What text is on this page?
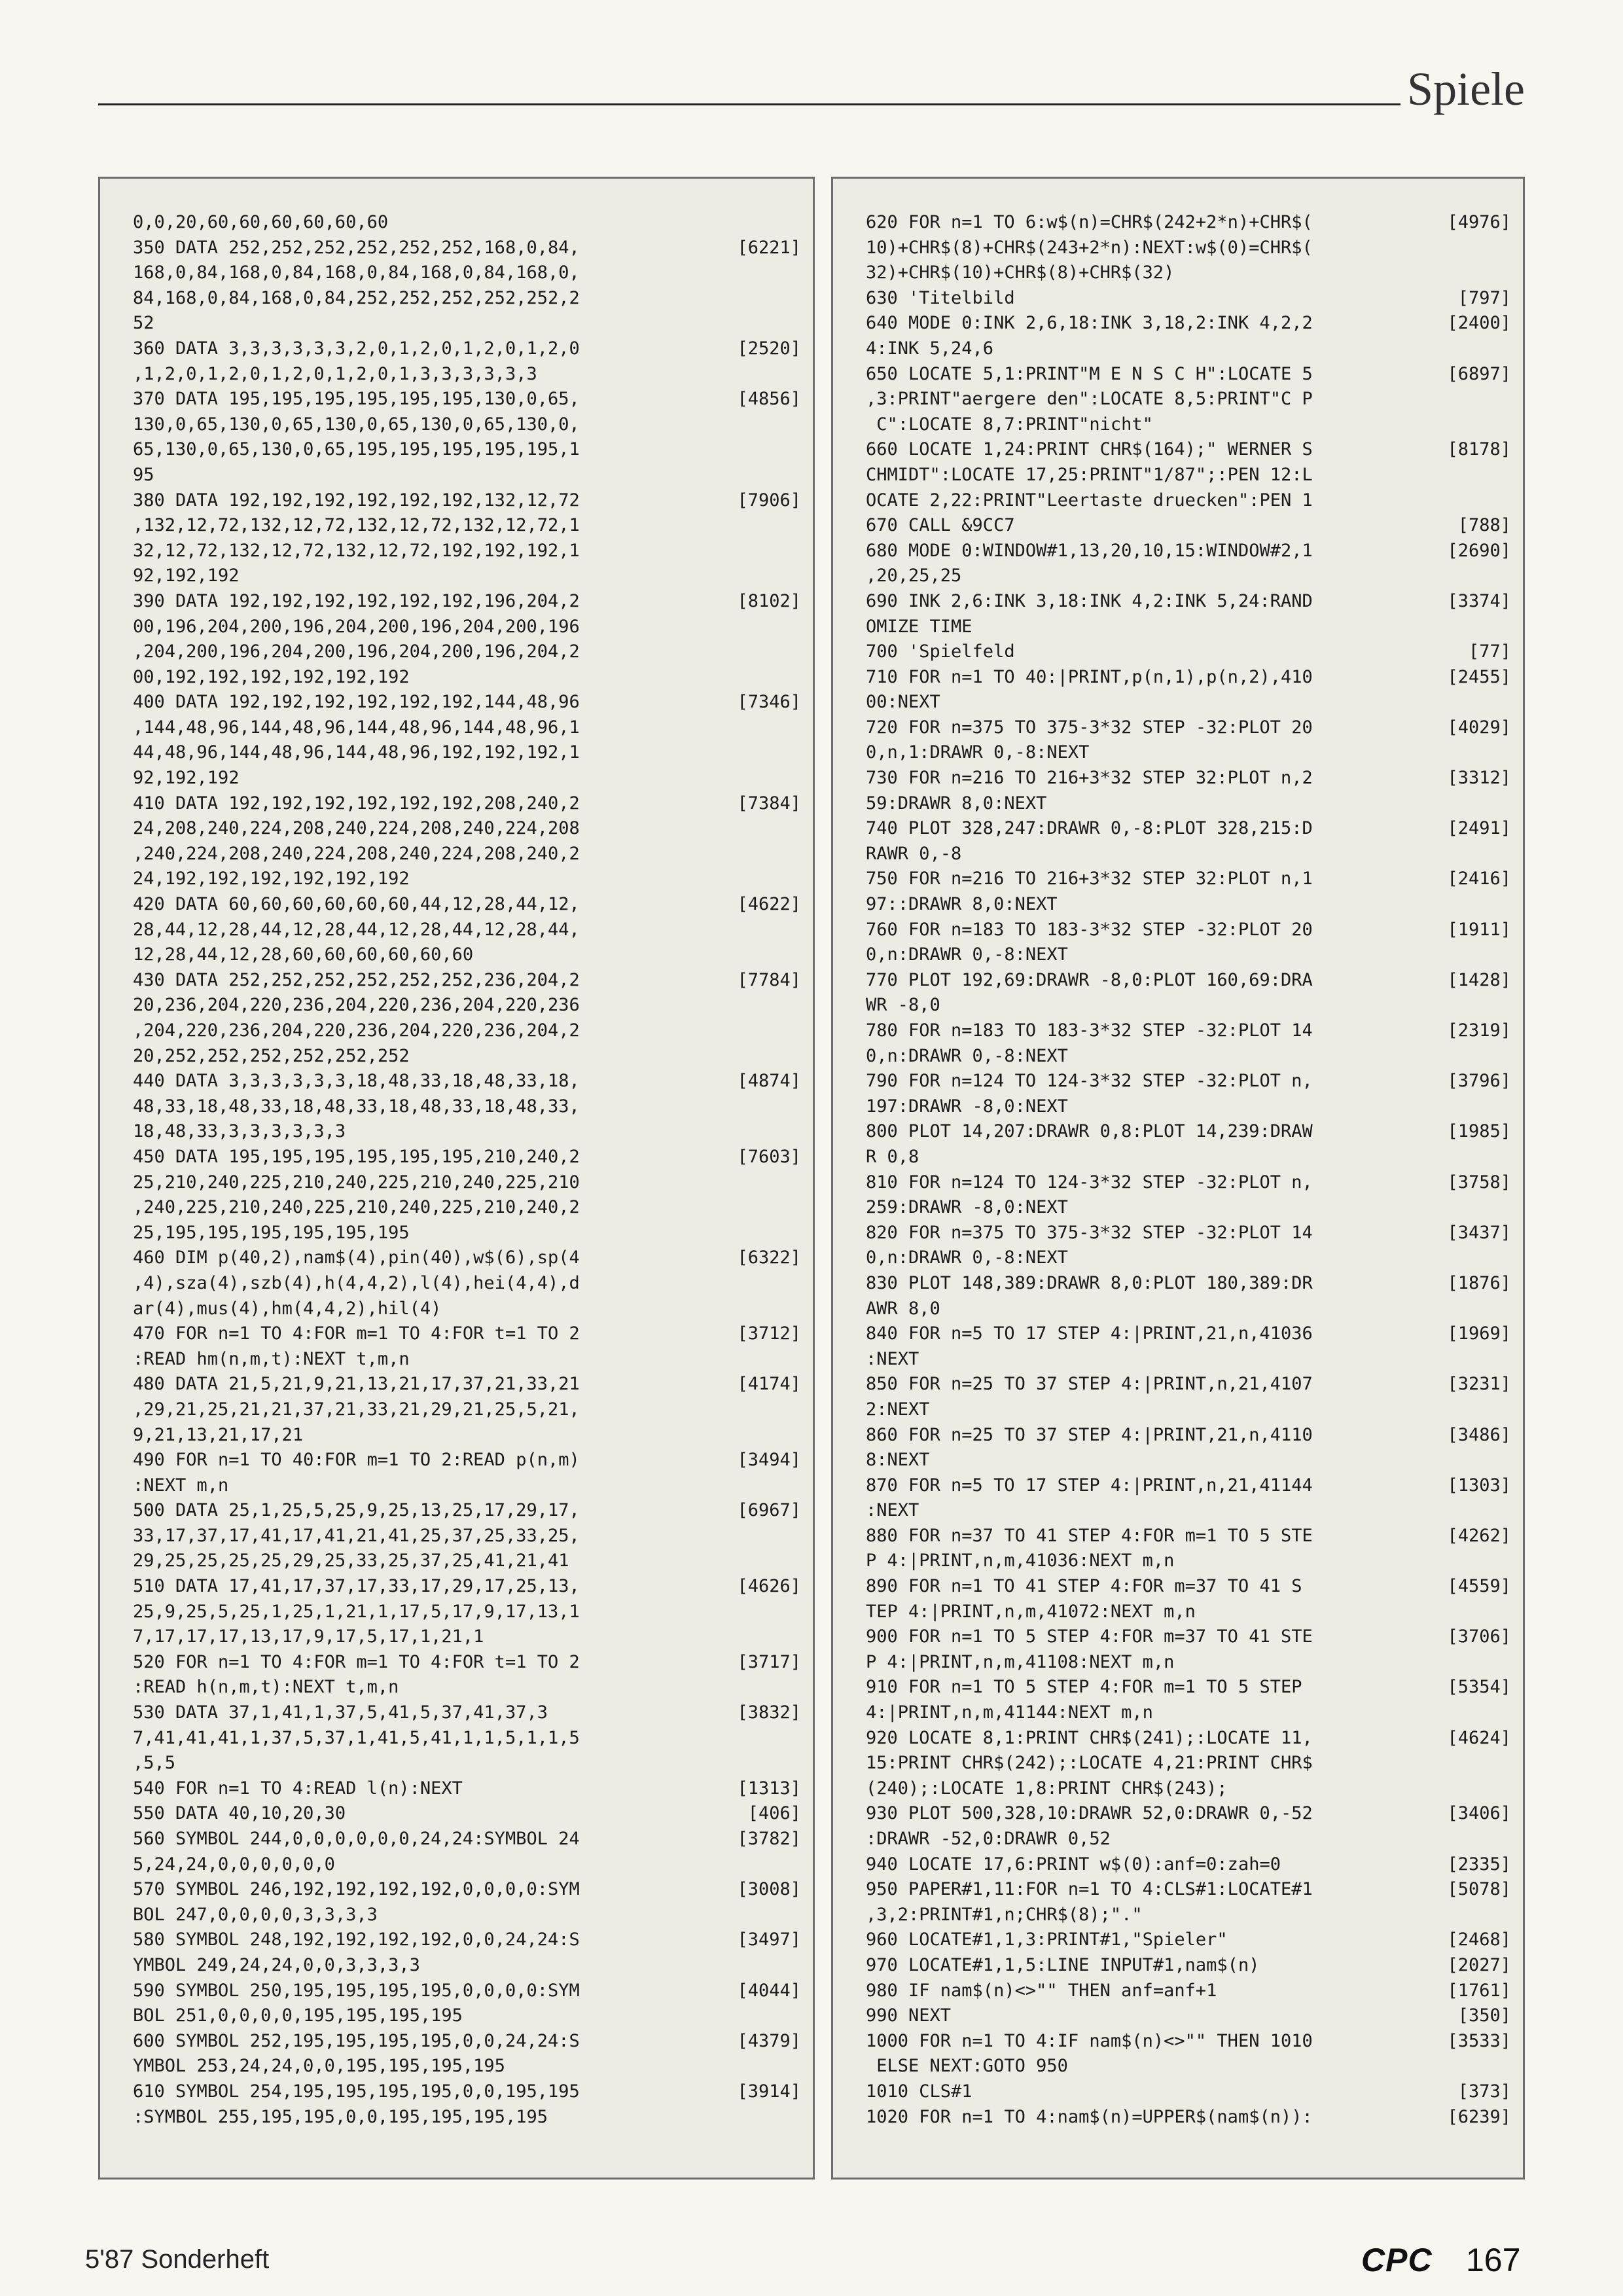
Spiele
0,0,20,60,60,60,60,60,60
350 DATA 252,252,252,252,252,252,168,0,84,	[6221]
168,0,84,168,0,84,168,0,84,168,0,84,168,0,
84,168,0,84,168,0,84,252,252,252,252,252,2
52
360 DATA 3,3,3,3,3,3,2,0,1,2,0,1,2,0,1,2,0	[2520]
,1,2,0,1,2,0,1,2,0,1,2,0,1,3,3,3,3,3,3
370 DATA 195,195,195,195,195,195,130,0,65,	[4856]
130,0,65,130,0,65,130,0,65,130,0,65,130,0,
65,130,0,65,130,0,65,195,195,195,195,195,1
95
380 DATA 192,192,192,192,192,192,132,12,72	[7906]
,132,12,72,132,12,72,132,12,72,132,12,72,1
32,12,72,132,12,72,132,12,72,192,192,192,1
92,192,192
390 DATA 192,192,192,192,192,192,196,204,2	[8102]
00,196,204,200,196,204,200,196,204,200,196
,204,200,196,204,200,196,204,200,196,204,2
00,192,192,192,192,192,192
400 DATA 192,192,192,192,192,192,144,48,96	[7346]
,144,48,96,144,48,96,144,48,96,144,48,96,1
44,48,96,144,48,96,144,48,96,192,192,192,1
92,192,192
410 DATA 192,192,192,192,192,192,208,240,2	[7384]
24,208,240,224,208,240,224,208,240,224,208
,240,224,208,240,224,208,240,224,208,240,2
24,192,192,192,192,192,192
420 DATA 60,60,60,60,60,60,44,12,28,44,12,	[4622]
28,44,12,28,44,12,28,44,12,28,44,12,28,44,
12,28,44,12,28,60,60,60,60,60,60
430 DATA 252,252,252,252,252,252,236,204,2	[7784]
20,236,204,220,236,204,220,236,204,220,236
,204,220,236,204,220,236,204,220,236,204,2
20,252,252,252,252,252,252
440 DATA 3,3,3,3,3,3,18,48,33,18,48,33,18,	[4874]
48,33,18,48,33,18,48,33,18,48,33,18,48,33,
18,48,33,3,3,3,3,3,3
450 DATA 195,195,195,195,195,195,210,240,2	[7603]
25,210,240,225,210,240,225,210,240,225,210
,240,225,210,240,225,210,240,225,210,240,2
25,195,195,195,195,195,195
460 DIM p(40,2),nam$(4),pin(40),w$(6),sp(4	[6322]
,4),sza(4),szb(4),h(4,4,2),l(4),hei(4,4),d
ar(4),mus(4),hm(4,4,2),hil(4)
470 FOR n=1 TO 4:FOR m=1 TO 4:FOR t=1 TO 2	[3712]
:READ hm(n,m,t):NEXT t,m,n
480 DATA 21,5,21,9,21,13,21,17,37,21,33,21	[4174]
,29,21,25,21,21,37,21,33,21,29,21,25,5,21,
9,21,13,21,17,21
490 FOR n=1 TO 40:FOR m=1 TO 2:READ p(n,m)	[3494]
:NEXT m,n
500 DATA 25,1,25,5,25,9,25,13,25,17,29,17,	[6967]
33,17,37,17,41,17,41,21,41,25,37,25,33,25,
29,25,25,25,25,29,25,33,25,37,25,41,21,41
510 DATA 17,41,17,37,17,33,17,29,17,25,13,	[4626]
25,9,25,5,25,1,25,1,21,1,17,5,17,9,17,13,1
7,17,17,17,13,17,9,17,5,17,1,21,1
520 FOR n=1 TO 4:FOR m=1 TO 4:FOR t=1 TO 2	[3717]
:READ h(n,m,t):NEXT t,m,n
530 DATA 37,1,41,1,37,5,41,5,37,41,37,3	[3832]
7,41,41,41,1,37,5,37,1,41,5,41,1,1,5,1,1,5
,5,5
540 FOR n=1 TO 4:READ l(n):NEXT	[1313]
550 DATA 40,10,20,30	[406]
560 SYMBOL 244,0,0,0,0,0,0,24,24:SYMBOL 24	[3782]
5,24,24,0,0,0,0,0,0
570 SYMBOL 246,192,192,192,192,0,0,0,0:SYM	[3008]
BOL 247,0,0,0,0,3,3,3,3
580 SYMBOL 248,192,192,192,192,0,0,24,24:S	[3497]
YMBOL 249,24,24,0,0,3,3,3,3
590 SYMBOL 250,195,195,195,195,0,0,0,0:SYM	[4044]
BOL 251,0,0,0,0,195,195,195,195
600 SYMBOL 252,195,195,195,195,0,0,24,24:S	[4379]
YMBOL 253,24,24,0,0,195,195,195,195
610 SYMBOL 254,195,195,195,195,0,0,195,195	[3914]
:SYMBOL 255,195,195,0,0,195,195,195,195
620 FOR n=1 TO 6:w$(n)=CHR$(242+2*n)+CHR$(	[4976]
10)+CHR$(8)+CHR$(243+2*n):NEXT:w$(0)=CHR$(
32)+CHR$(10)+CHR$(8)+CHR$(32)
630 'Titelbild	[797]
640 MODE 0:INK 2,6,18:INK 3,18,2:INK 4,2,2	[2400]
4:INK 5,24,6
650 LOCATE 5,1:PRINT"M E N S C H":LOCATE 5	[6897]
,3:PRINT"aergere den":LOCATE 8,5:PRINT"C P
C":LOCATE 8,7:PRINT"nicht"
660 LOCATE 1,24:PRINT CHR$(164);" WERNER S	[8178]
CHMIDT":LOCATE 17,25:PRINT"1/87";:PEN 12:L
OCATE 2,22:PRINT"Leertaste druecken":PEN 1
670 CALL &9CC7	[788]
680 MODE 0:WINDOW#1,13,20,10,15:WINDOW#2,1	[2690]
,20,25,25
690 INK 2,6:INK 3,18:INK 4,2:INK 5,24:RAND	[3374]
OMIZE TIME
700 'Spielfeld	[77]
710 FOR n=1 TO 40:|PRINT,p(n,1),p(n,2),410	[2455]
00:NEXT
720 FOR n=375 TO 375-3*32 STEP -32:PLOT 20	[4029]
0,n,1:DRAWR 0,-8:NEXT
730 FOR n=216 TO 216+3*32 STEP 32:PLOT n,2	[3312]
59:DRAWR 8,0:NEXT
740 PLOT 328,247:DRAWR 0,-8:PLOT 328,215:D	[2491]
RAWR 0,-8
750 FOR n=216 TO 216+3*32 STEP 32:PLOT n,1	[2416]
97::DRAWR 8,0:NEXT
760 FOR n=183 TO 183-3*32 STEP -32:PLOT 20	[1911]
0,n:DRAWR 0,-8:NEXT
770 PLOT 192,69:DRAWR -8,0:PLOT 160,69:DRA	[1428]
WR -8,0
780 FOR n=183 TO 183-3*32 STEP -32:PLOT 14	[2319]
0,n:DRAWR 0,-8:NEXT
790 FOR n=124 TO 124-3*32 STEP -32:PLOT n,	[3796]
197:DRAWR -8,0:NEXT
800 PLOT 14,207:DRAWR 0,8:PLOT 14,239:DRAW	[1985]
R 0,8
810 FOR n=124 TO 124-3*32 STEP -32:PLOT n,	[3758]
259:DRAWR -8,0:NEXT
820 FOR n=375 TO 375-3*32 STEP -32:PLOT 14	[3437]
0,n:DRAWR 0,-8:NEXT
830 PLOT 148,389:DRAWR 8,0:PLOT 180,389:DR	[1876]
AWR 8,0
840 FOR n=5 TO 17 STEP 4:|PRINT,21,n,41036	[1969]
:NEXT
850 FOR n=25 TO 37 STEP 4:|PRINT,n,21,4107	[3231]
2:NEXT
860 FOR n=25 TO 37 STEP 4:|PRINT,21,n,4110	[3486]
8:NEXT
870 FOR n=5 TO 17 STEP 4:|PRINT,n,21,41144	[1303]
:NEXT
880 FOR n=37 TO 41 STEP 4:FOR m=1 TO 5 STE	[4262]
P 4:|PRINT,n,m,41036:NEXT m,n
890 FOR n=1 TO 41 STEP 4:FOR m=37 TO 41 S	[4559]
TEP 4:|PRINT,n,m,41072:NEXT m,n
900 FOR n=1 TO 5 STEP 4:FOR m=37 TO 41 STE	[3706]
P 4:|PRINT,n,m,41108:NEXT m,n
910 FOR n=1 TO 5 STEP 4:FOR m=1 TO 5 STEP	[5354]
4:|PRINT,n,m,41144:NEXT m,n
920 LOCATE 8,1:PRINT CHR$(241);:LOCATE 11,	[4624]
15:PRINT CHR$(242);:LOCATE 4,21:PRINT CHR$
(240);:LOCATE 1,8:PRINT CHR$(243);
930 PLOT 500,328,10:DRAWR 52,0:DRAWR 0,-52	[3406]
:DRAWR -52,0:DRAWR 0,52
940 LOCATE 17,6:PRINT w$(0):anf=0:zah=0	[2335]
950 PAPER#1,11:FOR n=1 TO 4:CLS#1:LOCATE#1	[5078]
,3,2:PRINT#1,n;CHR$(8);"."
960 LOCATE#1,1,3:PRINT#1,"Spieler"	[2468]
970 LOCATE#1,1,5:LINE INPUT#1,nam$(n)	[2027]
980 IF nam$(n)<>"" THEN anf=anf+1	[1761]
990 NEXT	[350]
1000 FOR n=1 TO 4:IF nam$(n)<>"" THEN 1010	[3533]
ELSE NEXT:GOTO 950
1010 CLS#1	[373]
1020 FOR n=1 TO 4:nam$(n)=UPPER$(nam$(n)):	[6239]
5'87 Sonderheft	CPC 167
